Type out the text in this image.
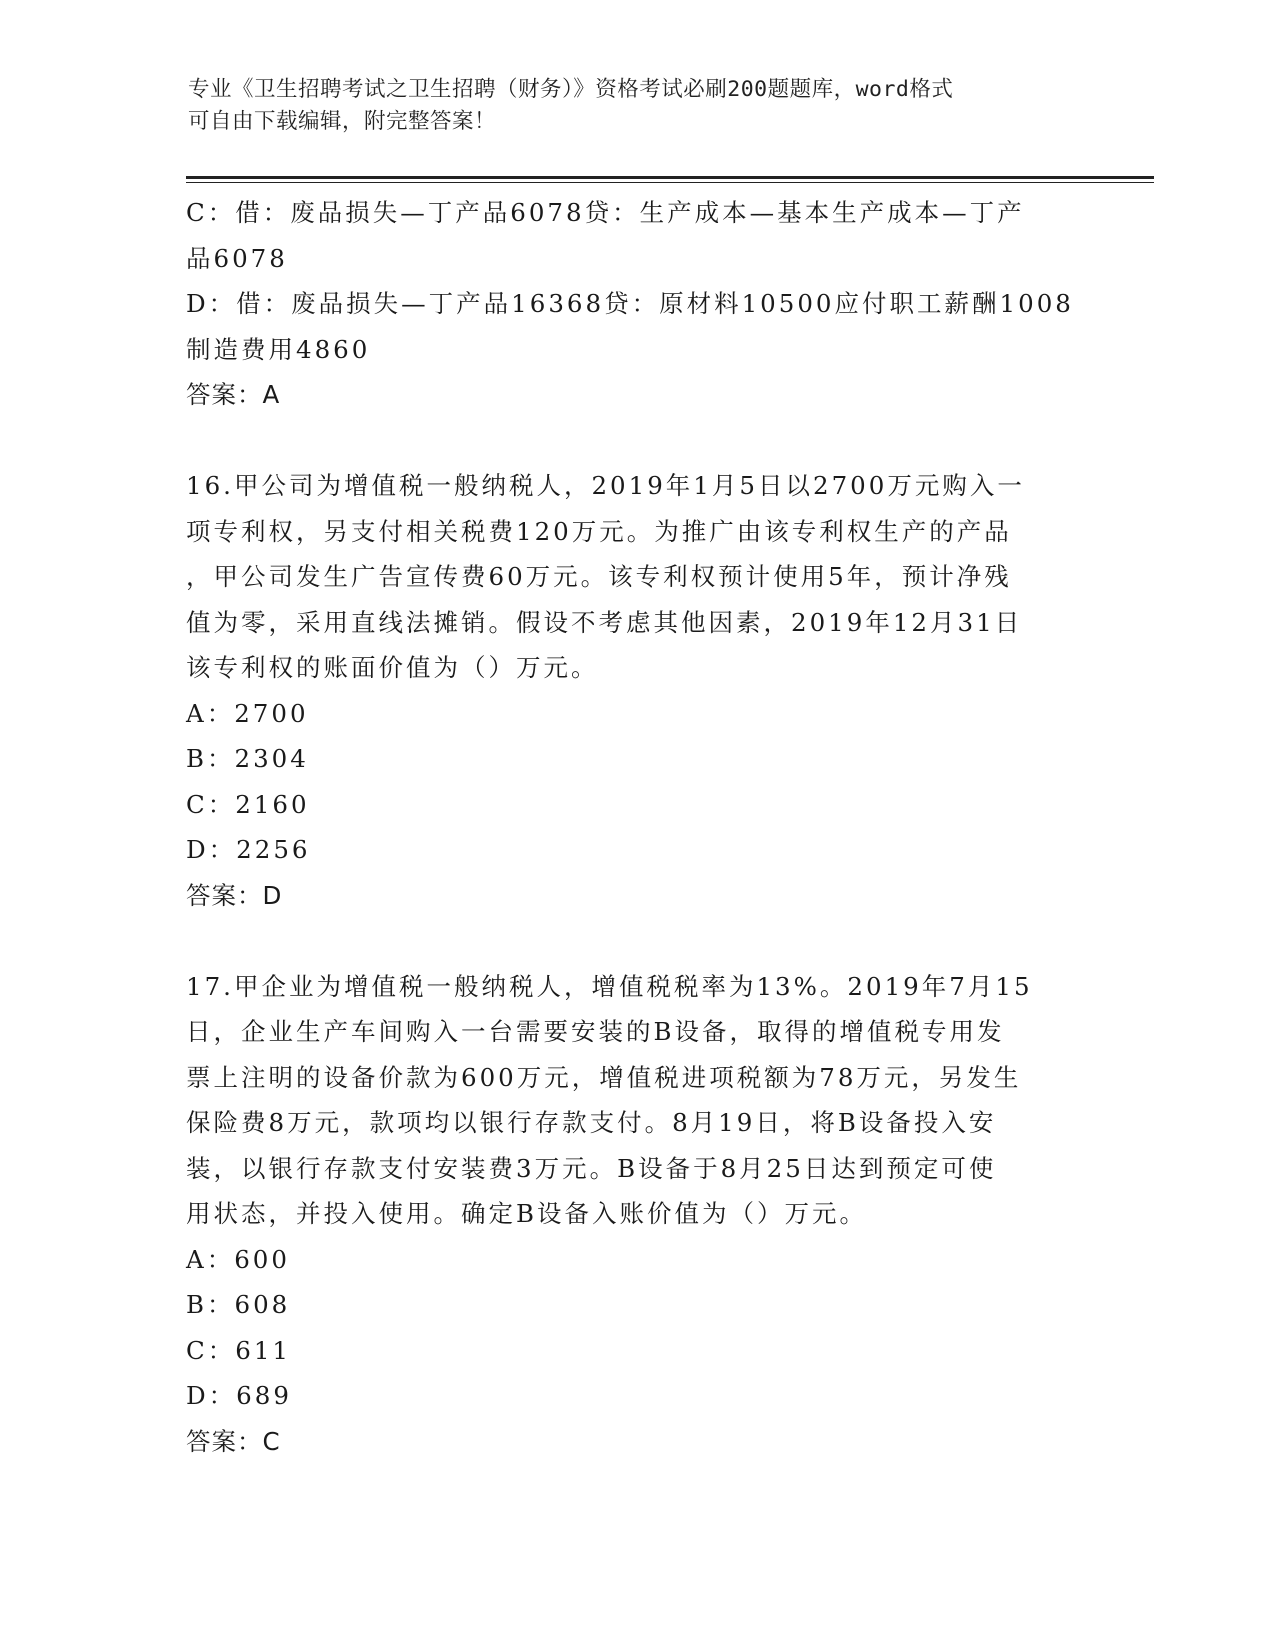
专业《卫生招聘考试之卫生招聘（财务）》资格考试必刷200题题库，word格式
可自由下载编辑，附完整答案！
C：借：废品损失—丁产品6078贷：生产成本—基本生产成本—丁产
品6078
D：借：废品损失—丁产品16368贷：原材料10500应付职工薪酬1008
制造费用4860
答案：A
16.甲公司为增值税一般纳税人，2019年1月5日以2700万元购入一
项专利权，另支付相关税费120万元。为推广由该专利权生产的产品
，甲公司发生广告宣传费60万元。该专利权预计使用5年，预计净残
值为零，采用直线法摊销。假设不考虑其他因素，2019年12月31日
该专利权的账面价值为（）万元。
A：2700
B：2304
C：2160
D：2256
答案：D
17.甲企业为增值税一般纳税人，增值税税率为13%。2019年7月15
日，企业生产车间购入一台需要安装的B设备，取得的增值税专用发
票上注明的设备价款为600万元，增值税进项税额为78万元，另发生
保险费8万元，款项均以银行存款支付。8月19日，将B设备投入安
装，以银行存款支付安装费3万元。B设备于8月25日达到预定可使
用状态，并投入使用。确定B设备入账价值为（）万元。
A：600
B：608
C：611
D：689
答案：C
